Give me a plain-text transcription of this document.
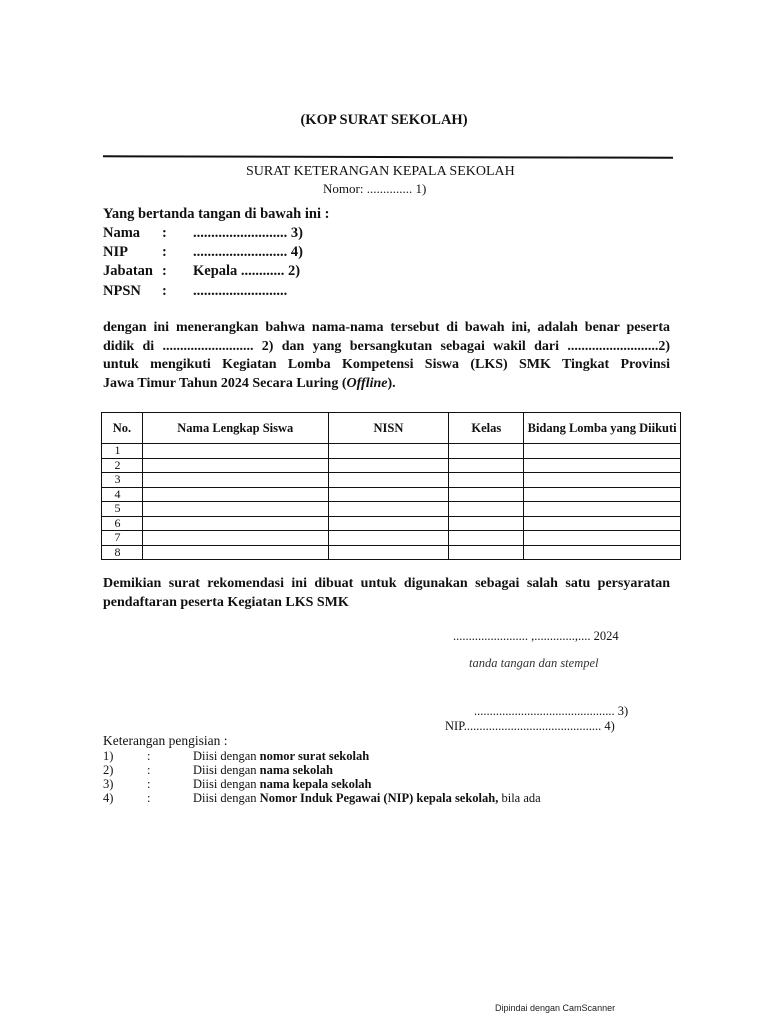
(KOP SURAT SEKOLAH)
SURAT KETERANGAN KEPALA SEKOLAH
Nomor: .............. 1)
Yang bertanda tangan di bawah ini :
Nama : .......................... 3)
NIP : .......................... 4)
Jabatan : Kepala ............ 2)
NPSN : ..........................

dengan ini menerangkan bahwa nama-nama tersebut di bawah ini, adalah benar peserta

didik di .......................... 2) dan yang bersangkutan sebagai wakil dari ..........................2)

untuk mengikuti Kegiatan Lomba Kompetensi Siswa (LKS) SMK Tingkat Provinsi

Jawa Timur Tahun 2024 Secara Luring (Offline).

No.	Nama Lengkap Siswa	NISN	Kelas	Bidang Lomba yang Diikuti
1				
2				
3				
4				
5				
6				
7				
8				

Demikian surat rekomendasi ini dibuat untuk digunakan sebagai salah satu persyaratan

pendaftaran peserta Kegiatan LKS SMK

........................ ,.............,.... 2024
tanda tangan dan stempel
............................................. 3)
NIP............................................ 4)
Keterangan pengisian :
1)	:	Diisi dengan nomor surat sekolah
2)	:	Diisi dengan nama sekolah
3)	:	Diisi dengan nama kepala sekolah
4)	:	Diisi dengan Nomor Induk Pegawai (NIP) kepala sekolah, bila ada
Dipindai dengan CamScanner
